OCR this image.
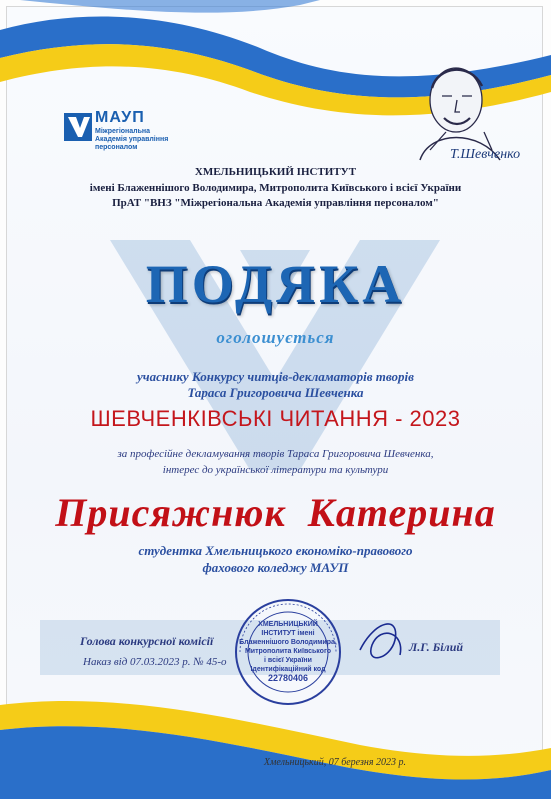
Т.Шевченко
МАУП
Міжрегіональна
Академія управління
персоналом
ХМЕЛЬНИЦЬКИЙ ІНСТИТУТ
імені Блаженнішого Володимира, Митрополита Київського і всієї України
ПрАТ "ВНЗ "Міжрегіональна Академія управління персоналом"
ПОДЯКА
оголошується
учаснику Конкурсу читців-декламаторів творів
Тараса Григоровича Шевченка
ШЕВЧЕНКІВСЬКІ ЧИТАННЯ - 2023
за професійне декламування творів Тараса Григоровича Шевченка,
інтерес до української літератури та культури
Присяжнюк  Катерина
студентка Хмельницького економіко-правового
фахового коледжу МАУП
ХМЕЛЬНИЦЬКИЙ
ІНСТИТУТ імені
Блаженнішого Володимира,
Митрополита Київського
і всієї України
Ідентифікаційний код
22780406
Голова конкурсної комісії
Наказ від 07.03.2023 р. № 45-о
Л.Г. Білий
Хмельницький, 07 березня 2023 р.
